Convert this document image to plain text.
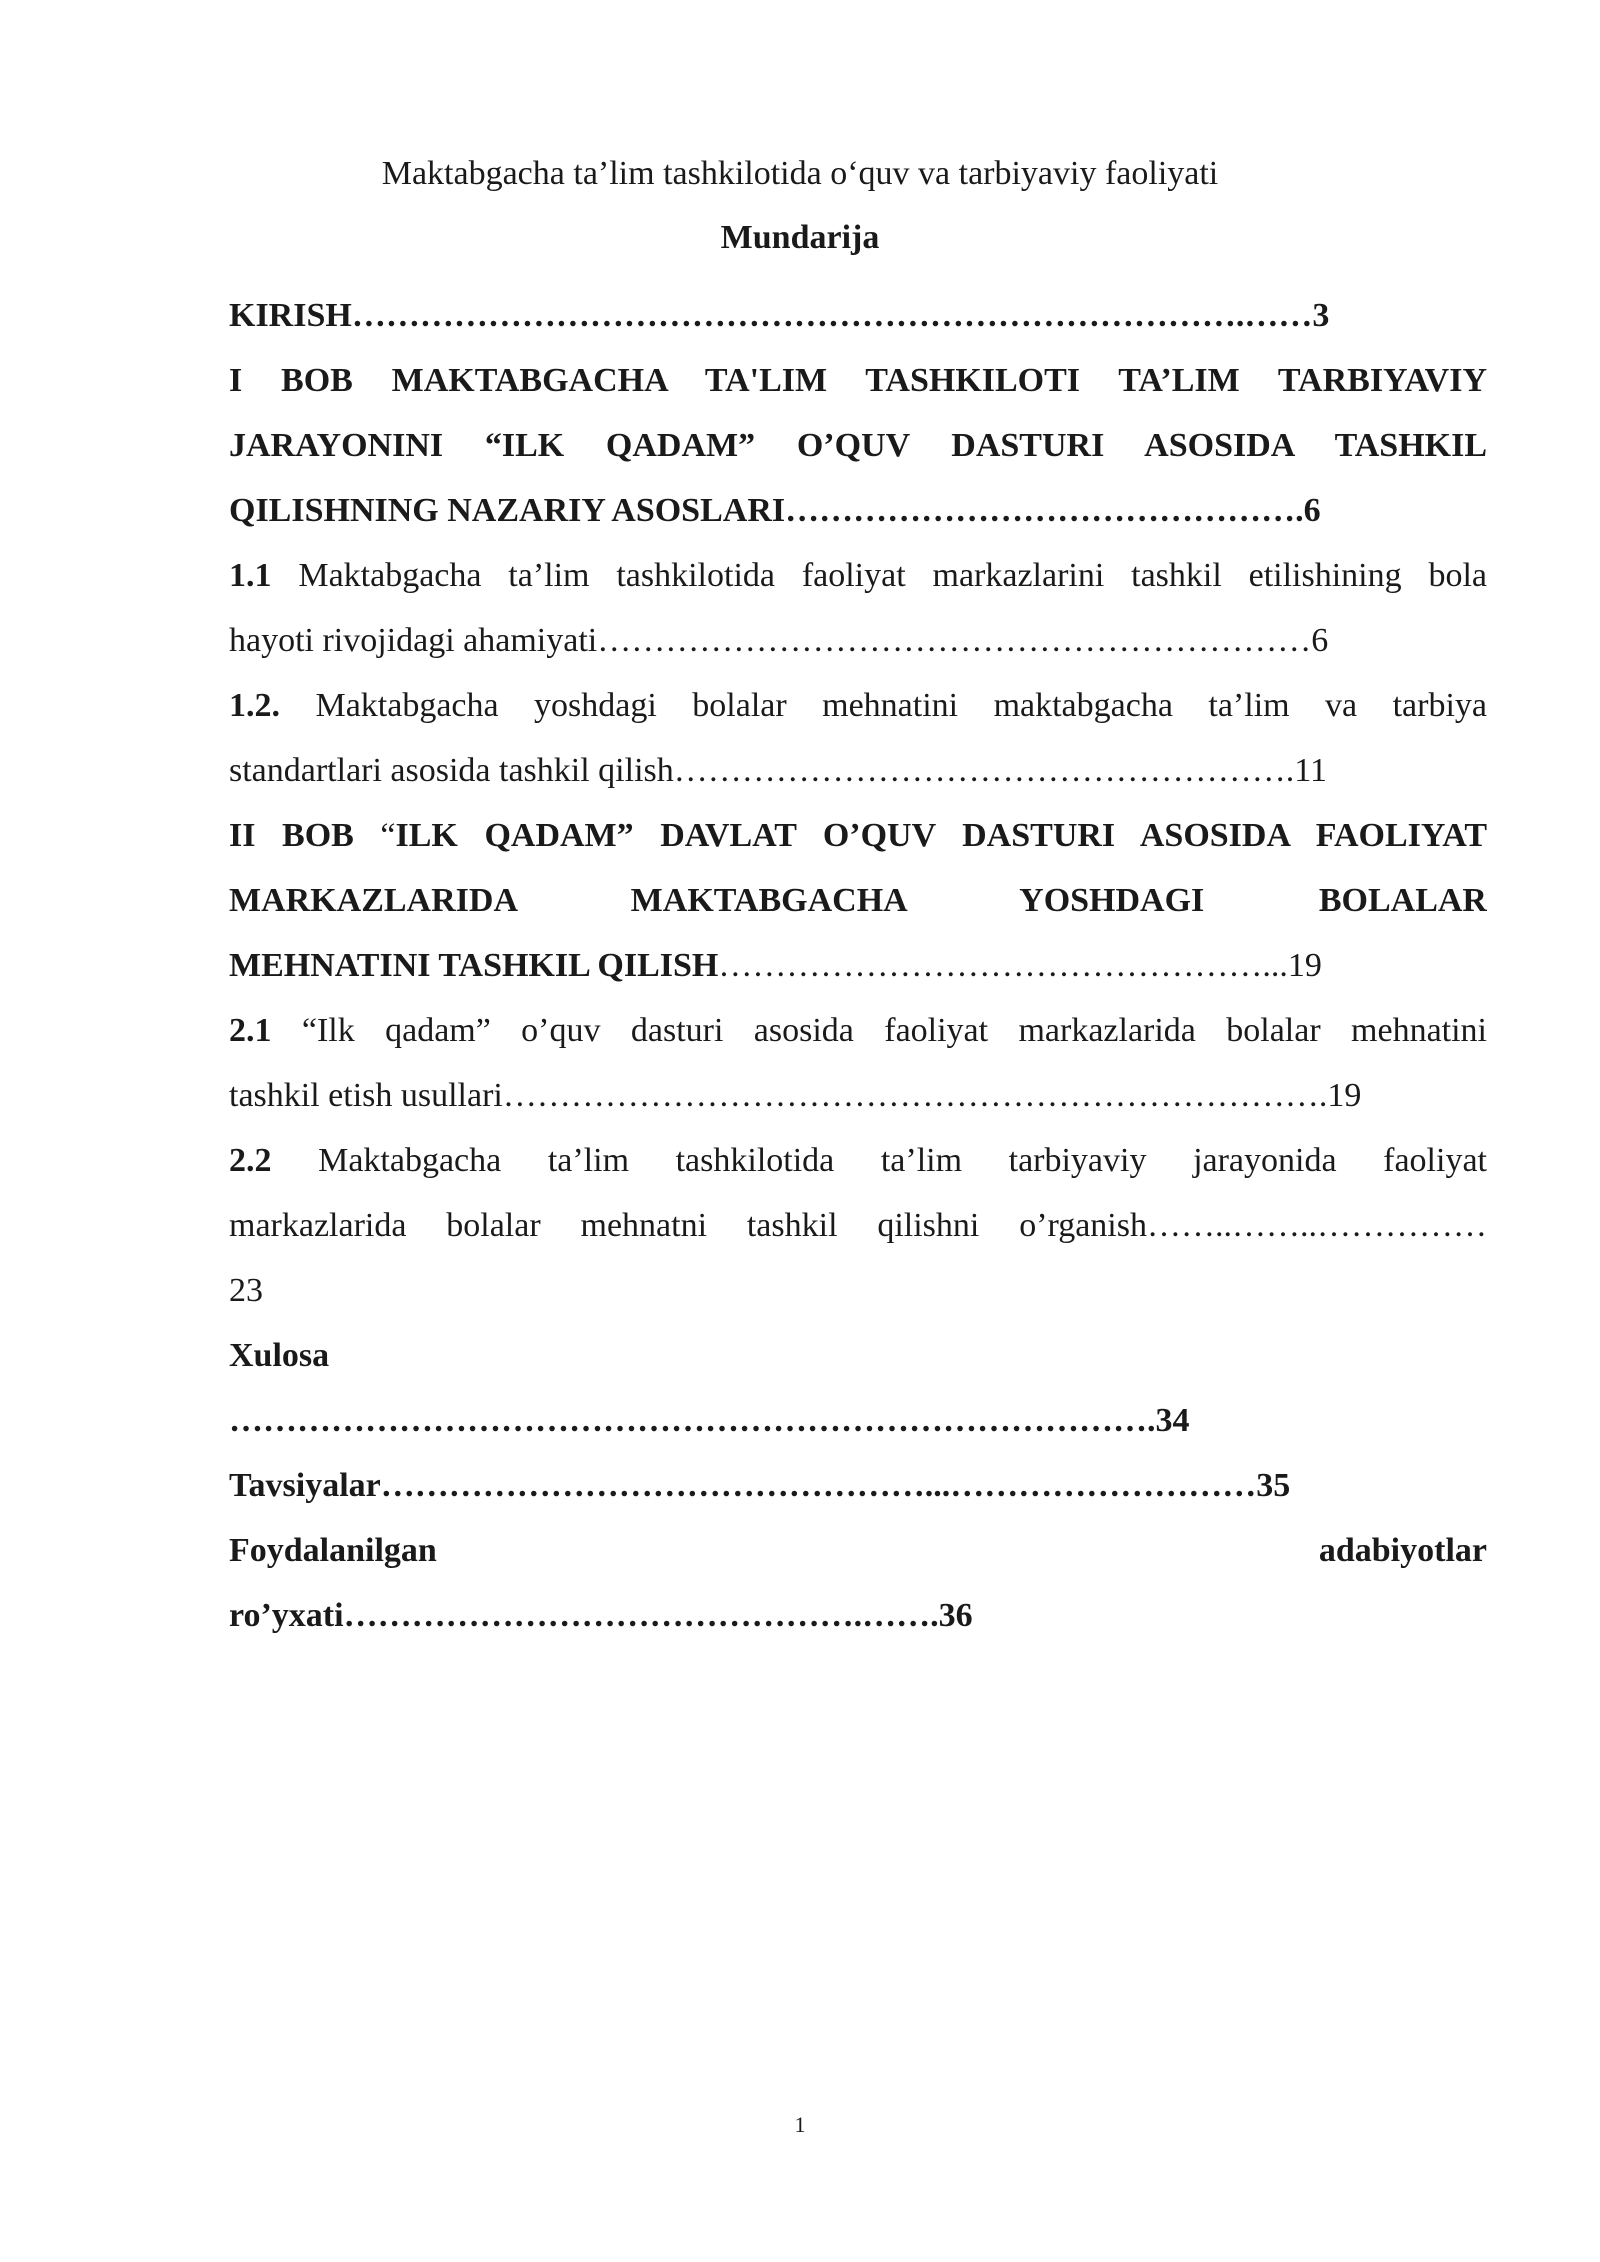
Maktabgacha ta’lim tashkilotida o‘quv va tarbiyaviy faoliyati
Mundarija
KIRISH…………………………………………………………………….……3
I BOB MAKTABGACHA TA'LIM TASHKILOTI TA’LIM TARBIYAVIY
JARAYONINI “ILK QADAM” O’QUV DASTURI ASOSIDA TASHKIL
QILISHNING NAZARIY ASOSLARI……………………………………….6
1.1 Maktabgacha ta’lim tashkilotida faoliyat markazlarini tashkil etilishining bola
hayoti rivojidagi ahamiyati………………………………………………………6
1.2. Maktabgacha yoshdagi bolalar mehnatini maktabgacha ta’lim va tarbiya
standartlari asosida tashkil qilish……………………………………………….11
II BOB “ILK QADAM” DAVLAT O’QUV DASTURI ASOSIDA FAOLIYAT
MARKAZLARIDA MAKTABGACHA YOSHDAGI BOLALAR
MEHNATINI TASHKIL QILISH…………………………………………...19
2.1 “Ilk qadam” o’quv dasturi asosida faoliyat markazlarida bolalar mehnatini
tashkil etish usullari……………………………………………………………….19
2.2 Maktabgacha ta’lim tashkilotida ta’lim tarbiyaviy jarayonida faoliyat
markazlarida bolalar mehnatni tashkil qilishni o’rganish……..……..……………
23
Xulosa
……………………………………………………………………….34
Tavsiyalar…………………………………………...………………………35
Foydalanilgan adabiyotlar
ro’yxati……………………………………….…….36
1
